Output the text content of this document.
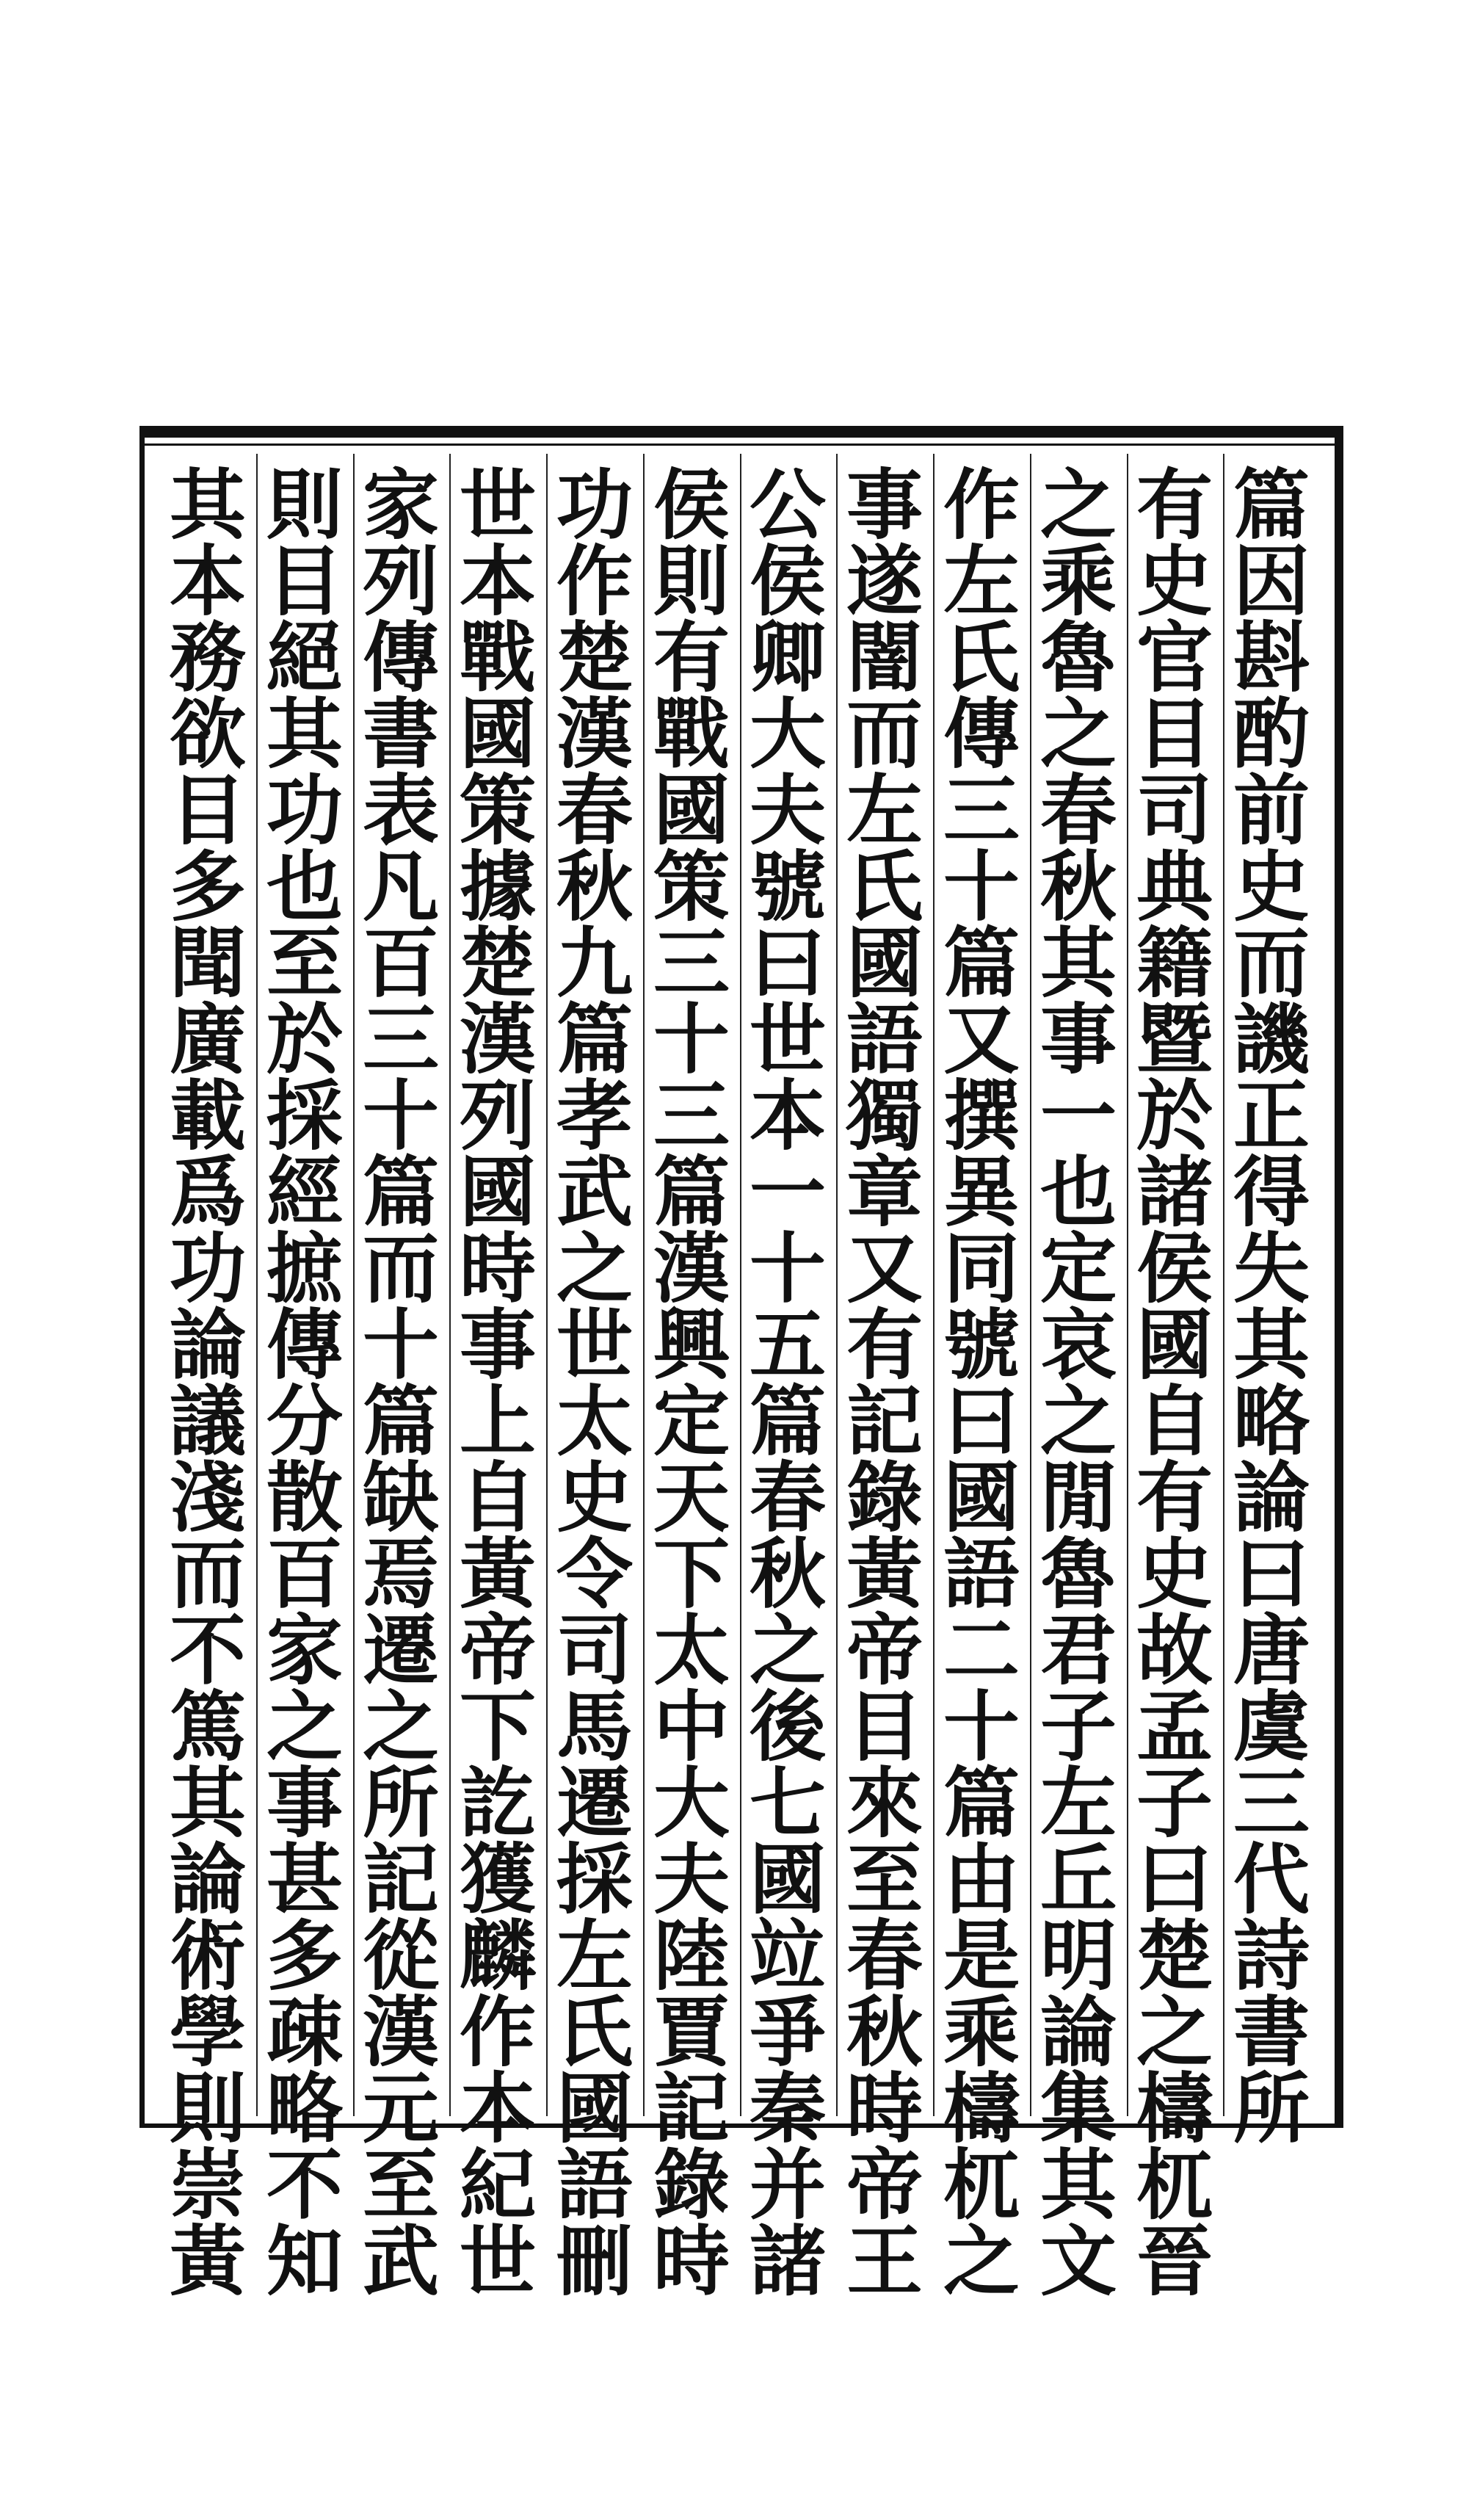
篇
因
斟
酌
前
史
而
譏
正
得
失
其
略
論
曰
唐
虞
三
代
詩
書
所
有
史
官
目
司
典
籍
暨
於
諸
侯
國
自
有
史
故
孟
子
曰
楚
之
檮
杌
晉
之
乘
魯
之
春
秋
其
事
一
也
定
哀
之
閒
魯
君
子
左
丘
明
論
集
其
文
作
左
氏
傳
三
十
篇
又
撰
異
同
號
曰
國
語
二
十
篇
由
是
乘
檮
杌
之
事
遂
闇
而
左
氏
國
語
獨
章
又
有
記
錄
黃
帝
目
來
至
春
秋
時
帝
王
公
侯
卿
大
夫
號
曰
世
本
一
十
五
篇
春
秋
之
後
七
國
竝
爭
秦
并
諸
侯
則
有
戰
國
策
三
十
三
篇
漢
興
定
天
下
太
中
大
夫
陸
賈
記
錄
時
功
作
楚
漢
春
秋
九
篇
孝
武
之
世
太
史
令
司
馬
遷
採
左
氏
國
語
刪
世
本
戰
國
策
據
楚
漢
列
國
時
事
上
自
黃
帝
下
訖
獲
麟
作
本
紀
世
家
列
傳
書
表
凡
百
三
十
篇
而
十
篇
缺
焉
遷
之
所
記
從
漢
元
至
武
則
目
絕
其
功
也
至
於
採
經
摭
傳
分
散
百
家
之
事
甚
多
疎
略
不
知
其
本
務
欲
目
多
聞
廣
載
爲
功
論
議
淺
而
不
篤
其
論
術
學
則
崇
黃
